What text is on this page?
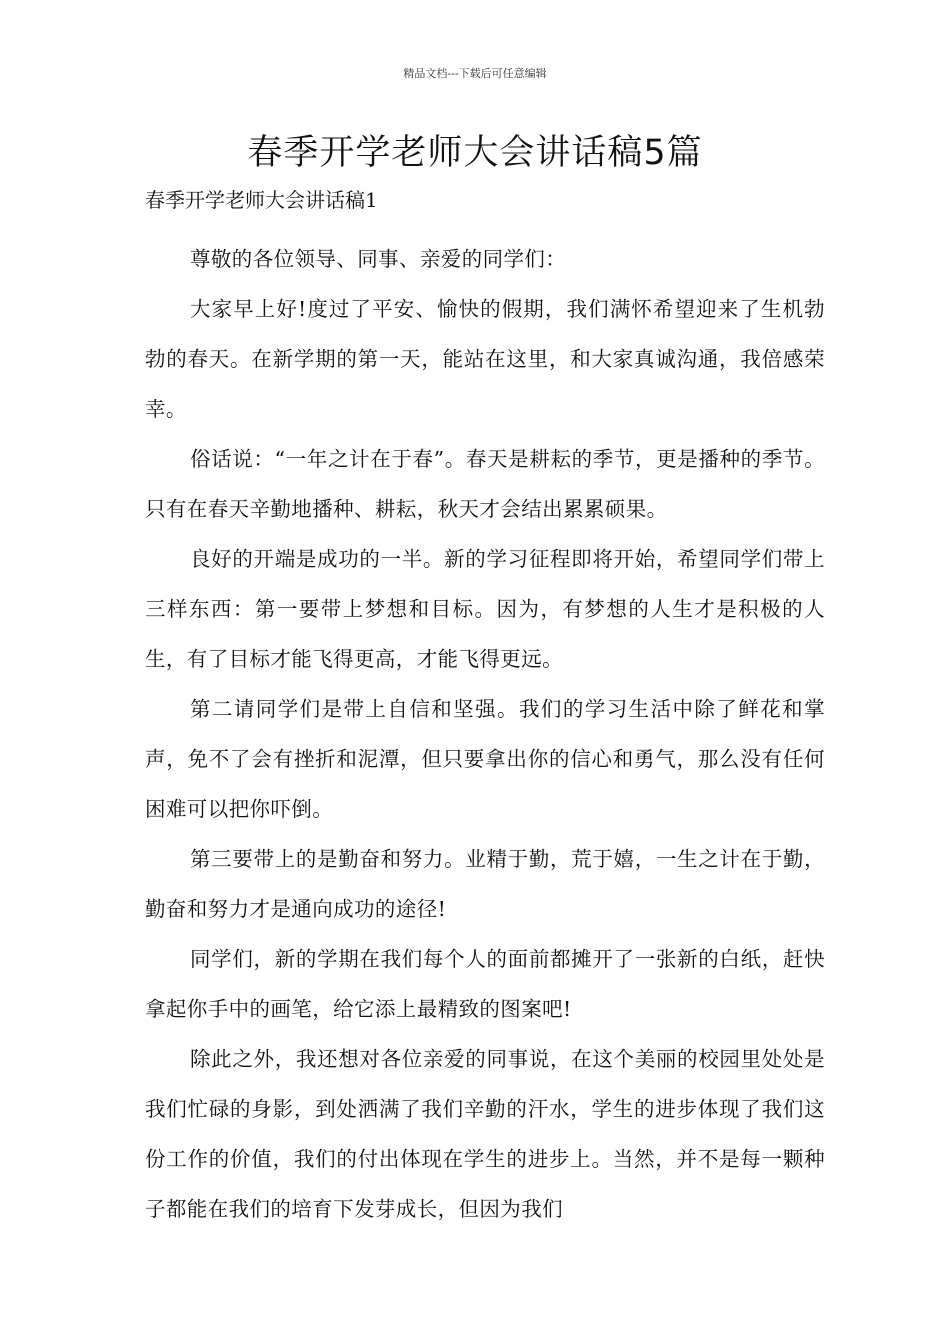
精品文档---下载后可任意编辑
春季开学老师大会讲话稿5篇

春季开学老师大会讲话稿1

尊敬的各位领导、同事、亲爱的同学们：

大家早上好!度过了平安、愉快的假期，我们满怀希望迎来了生机勃勃的春天。在新学期的第一天，能站在这里，和大家真诚沟通，我倍感荣幸。

俗话说：“一年之计在于春”。春天是耕耘的季节，更是播种的季节。只有在春天辛勤地播种、耕耘，秋天才会结出累累硕果。

良好的开端是成功的一半。新的学习征程即将开始，希望同学们带上三样东西：第一要带上梦想和目标。因为，有梦想的人生才是积极的人生，有了目标才能飞得更高，才能飞得更远。

第二请同学们是带上自信和坚强。我们的学习生活中除了鲜花和掌声，免不了会有挫折和泥潭，但只要拿出你的信心和勇气，那么没有任何困难可以把你吓倒。

第三要带上的是勤奋和努力。业精于勤，荒于嬉，一生之计在于勤，勤奋和努力才是通向成功的途径!

同学们，新的学期在我们每个人的面前都摊开了一张新的白纸，赶快拿起你手中的画笔，给它添上最精致的图案吧!

除此之外，我还想对各位亲爱的同事说，在这个美丽的校园里处处是我们忙碌的身影，到处洒满了我们辛勤的汗水，学生的进步体现了我们这份工作的价值，我们的付出体现在学生的进步上。当然，并不是每一颗种子都能在我们的培育下发芽成长，但因为我们
